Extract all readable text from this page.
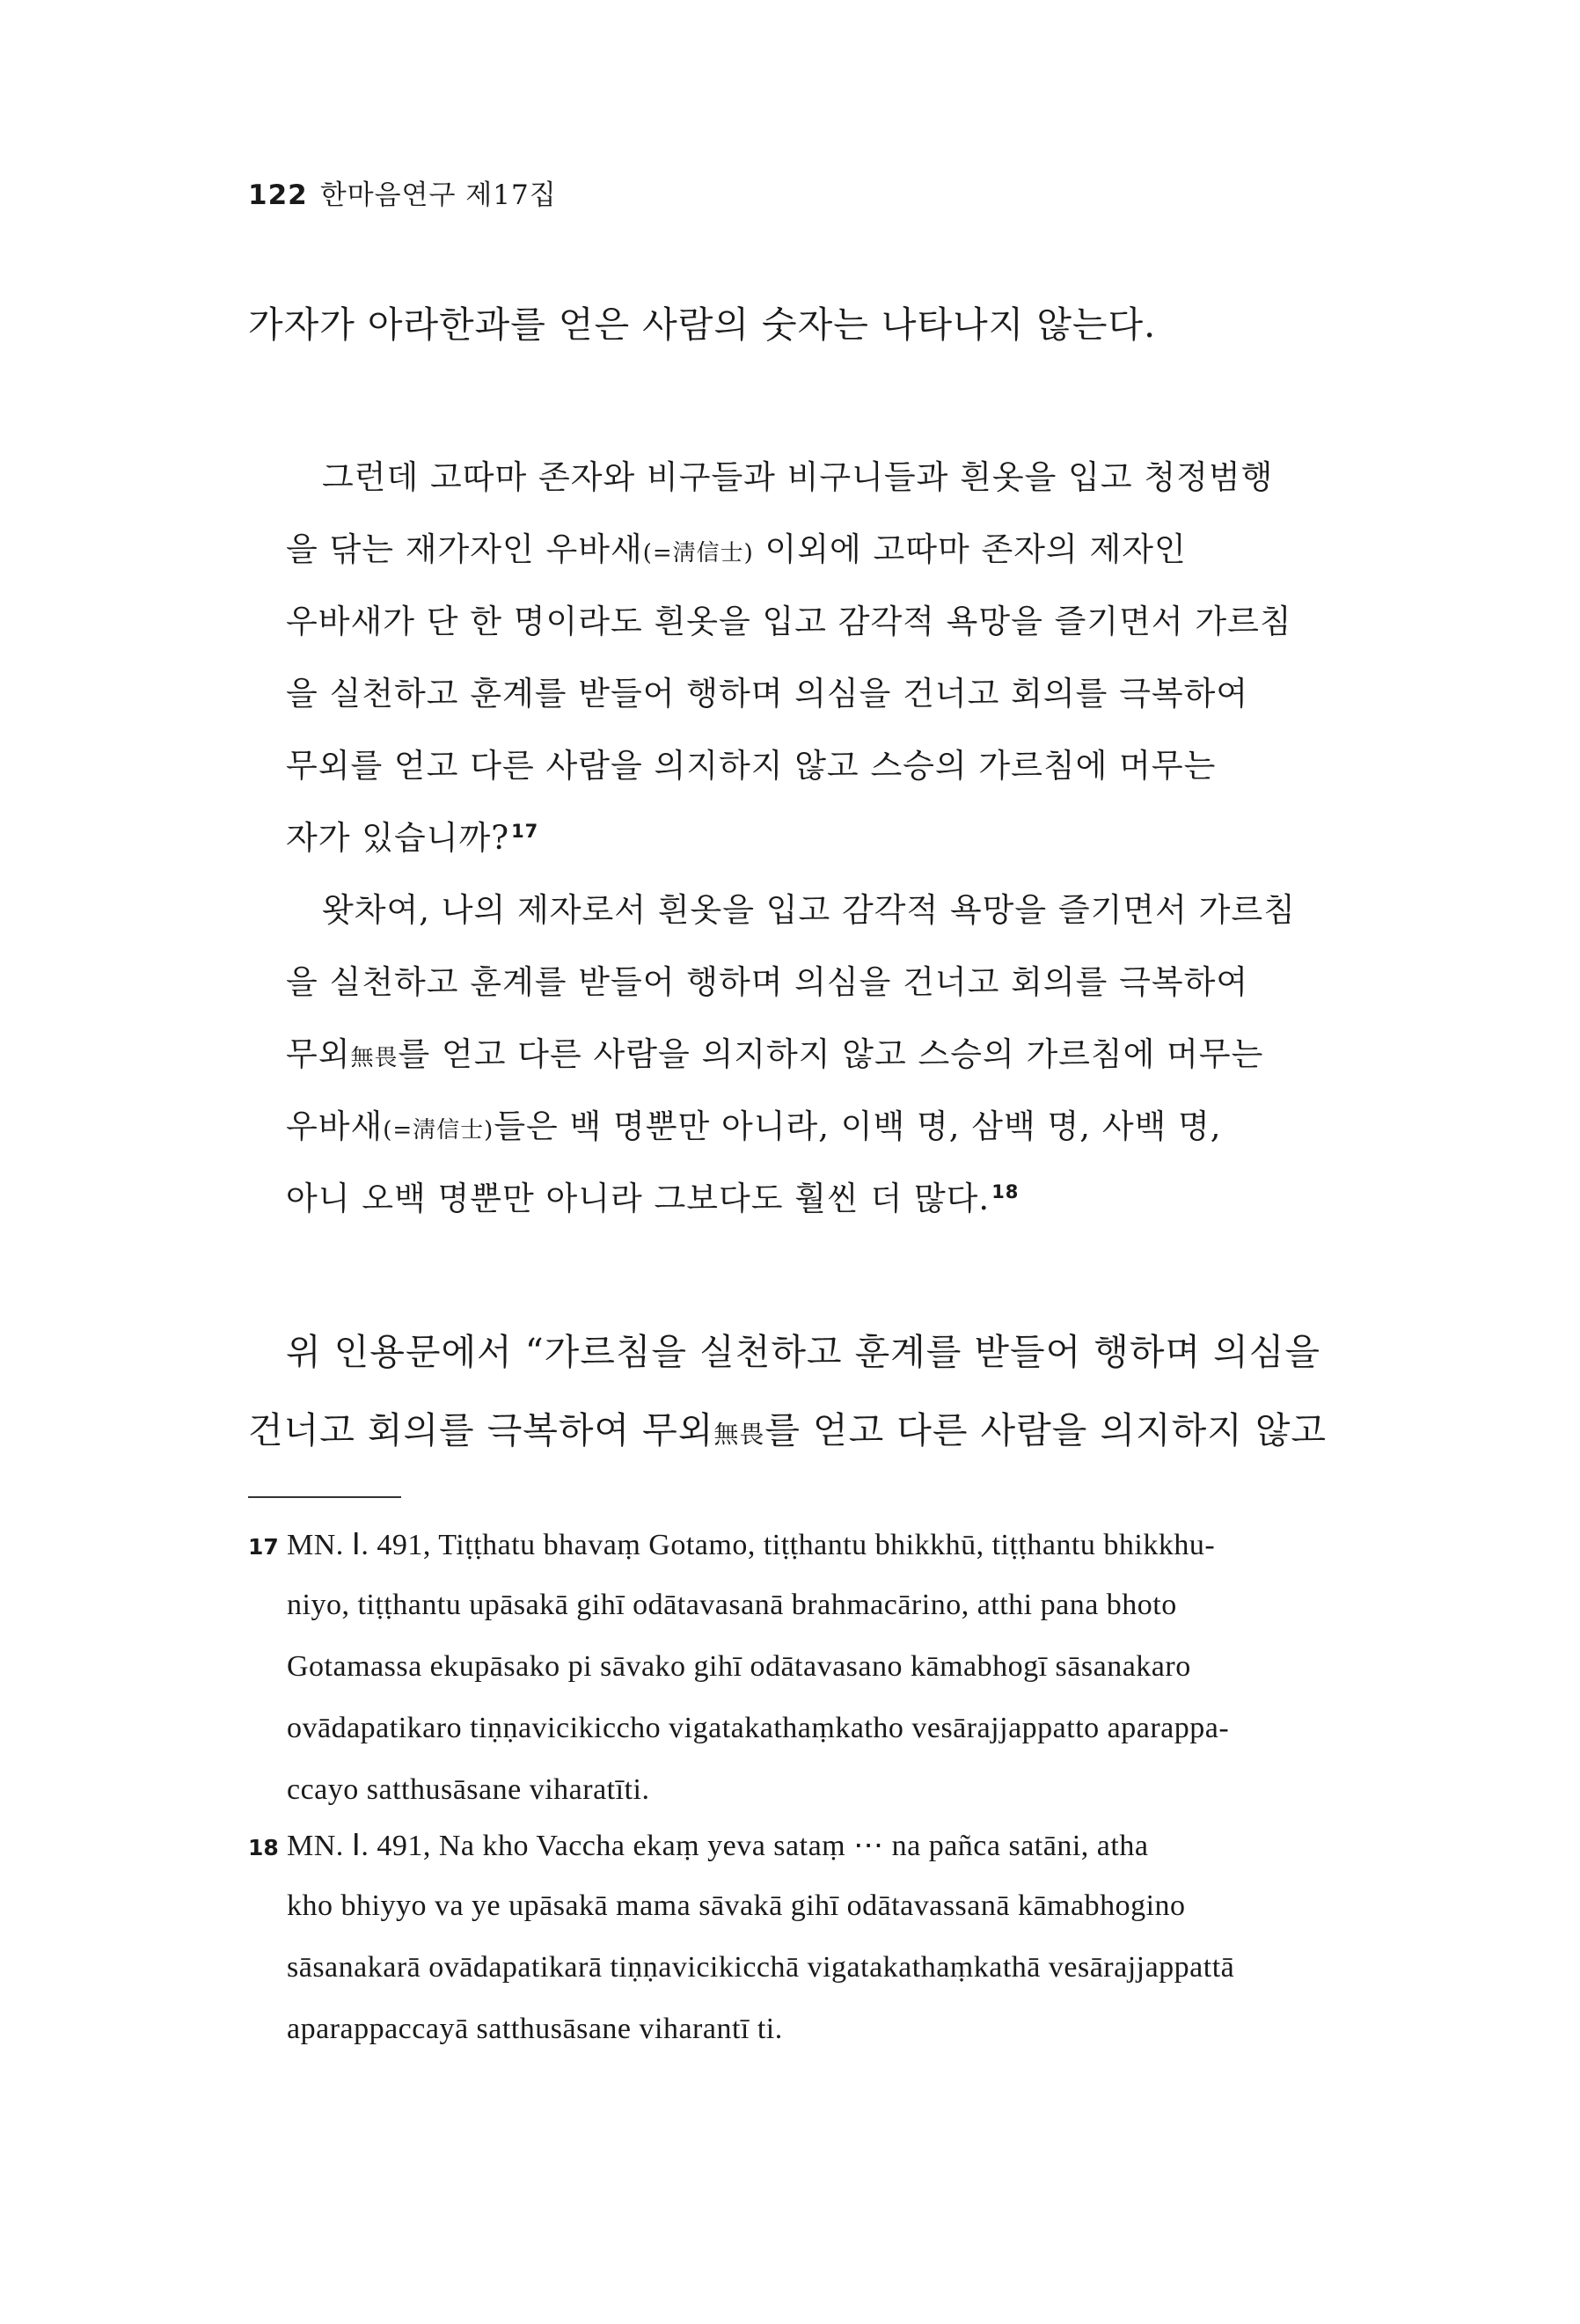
122 한마음연구 제17집
가자가 아라한과를 얻은 사람의 숫자는 나타나지 않는다.
그런데 고따마 존자와 비구들과 비구니들과 흰옷을 입고 청정범행
을 닦는 재가자인 우바새(=淸信士) 이외에 고따마 존자의 제자인
우바새가 단 한 명이라도 흰옷을 입고 감각적 욕망을 즐기면서 가르침
을 실천하고 훈계를 받들어 행하며 의심을 건너고 회의를 극복하여
무외를 얻고 다른 사람을 의지하지 않고 스승의 가르침에 머무는
자가 있습니까?$^{17}$
왓차여, 나의 제자로서 흰옷을 입고 감각적 욕망을 즐기면서 가르침
을 실천하고 훈계를 받들어 행하며 의심을 건너고 회의를 극복하여
무외無畏를 얻고 다른 사람을 의지하지 않고 스승의 가르침에 머무는
우바새(=淸信士)들은 백 명뿐만 아니라, 이백 명, 삼백 명, 사백 명,
아니 오백 명뿐만 아니라 그보다도 훨씬 더 많다.$^{18}$
위 인용문에서 “가르침을 실천하고 훈계를 받들어 행하며 의심을
건너고 회의를 극복하여 무외無畏를 얻고 다른 사람을 의지하지 않고
17 MN. Ⅰ. 491, Tiṭṭhatu bhavaṃ Gotamo, tiṭṭhantu bhikkhū, tiṭṭhantu bhikkhu-
niyo, tiṭṭhantu upāsakā gihī odātavasanā brahmacārino, atthi pana bhoto
Gotamassa ekupāsako pi sāvako gihī odātavasano kāmabhogī sāsanakaro
ovādapatikaro tiṇṇavicikiccho vigatakathaṃkatho vesārajjappatto aparappa-
ccayo satthusāsane viharatīti.
18 MN. Ⅰ. 491, Na kho Vaccha ekaṃ yeva sataṃ ⋯ na pañca satāni, atha
kho bhiyyo va ye upāsakā mama sāvakā gihī odātavassanā kāmabhogino
sāsanakarā ovādapatikarā tiṇṇavicikicchā vigatakathaṃkathā vesārajjappattā
aparappaccayā satthusāsane viharantī ti.
